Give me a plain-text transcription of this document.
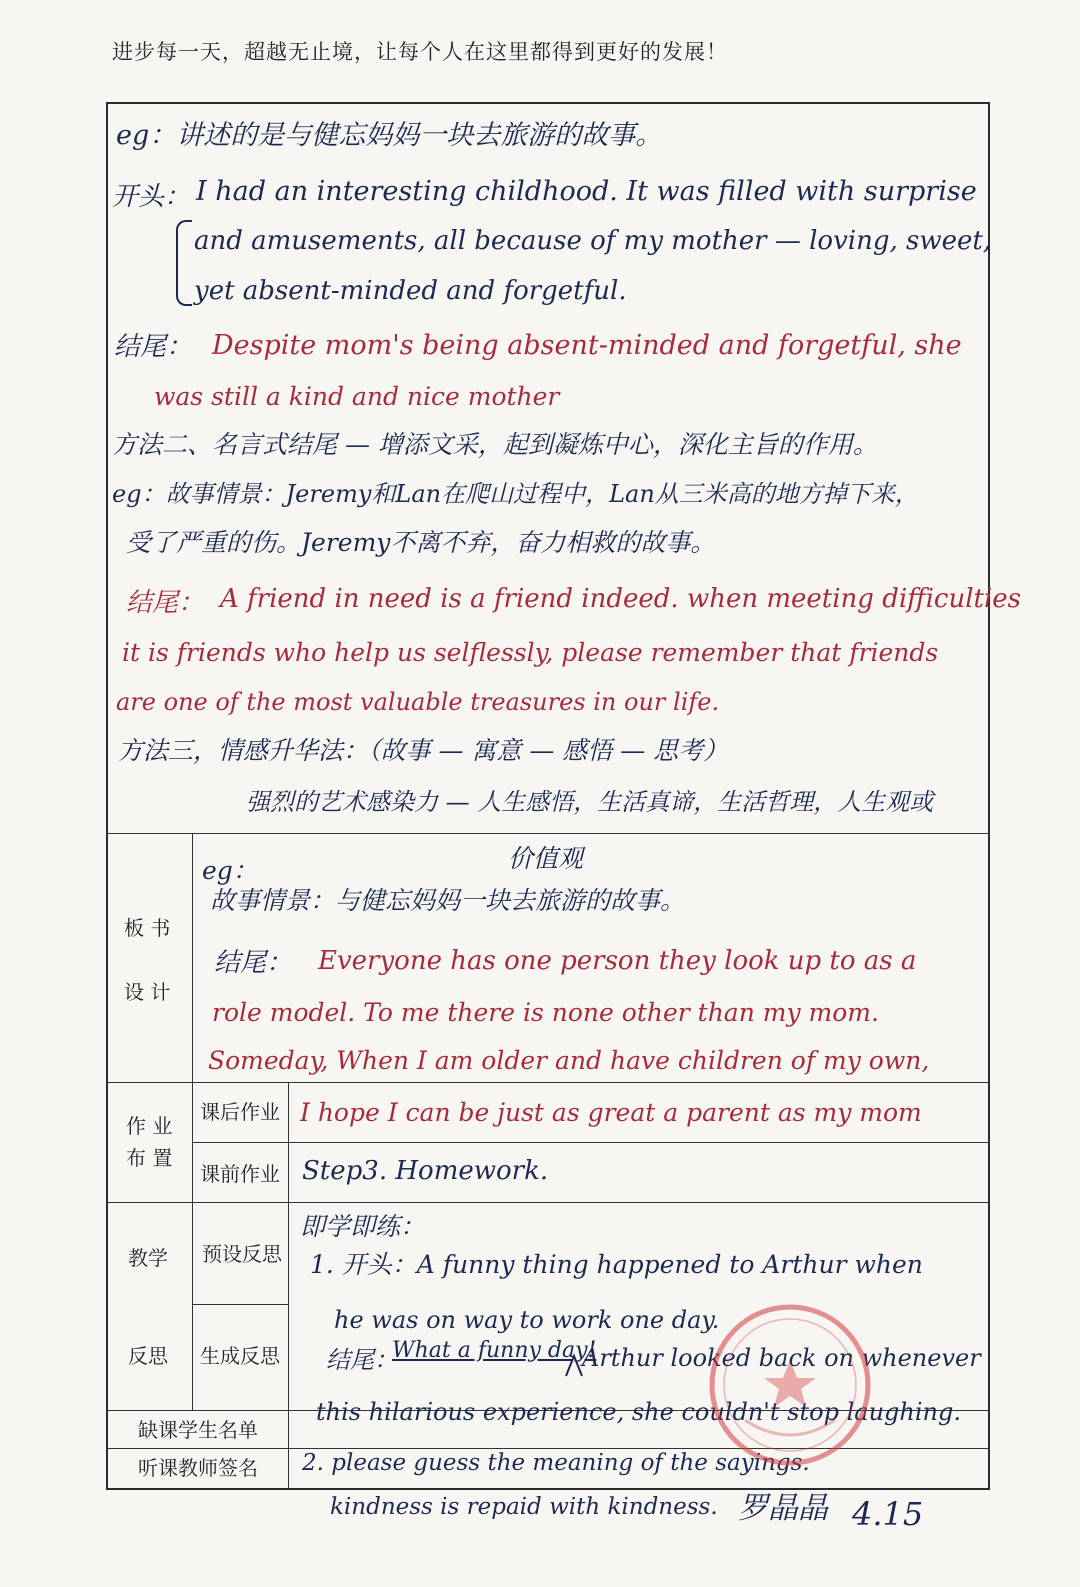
进步每一天，超越无止境，让每个人在这里都得到更好的发展！
eg：讲述的是与健忘妈妈一块去旅游的故事。
开头： I had an interesting childhood. It was filled with surprise
and amusements, all because of my mother — loving, sweet,
yet absent-minded and forgetful.
结尾： Despite mom's being absent-minded and forgetful, she
was still a kind and nice mother
方法二、名言式结尾 — 增添文采，起到凝炼中心，深化主旨的作用。
eg：故事情景：Jeremy和Lan在爬山过程中，Lan从三米高的地方掉下来，
受了严重的伤。Jeremy不离不弃，奋力相救的故事。
结尾： A friend in need is a friend indeed. when meeting difficulties
it is friends who help us selflessly, please remember that friends
are one of the most valuable treasures in our life.
方法三，情感升华法：（故事 — 寓意 — 感悟 — 思考）
强烈的艺术感染力 — 人生感悟，生活真谛，生活哲理，人生观或
价值观
板 书
设 计
eg：
故事情景：与健忘妈妈一块去旅游的故事。
结尾： Everyone has one person they look up to as a
role model. To me there is none other than my mom.
Someday, When I am older and have children of my own,
作 业
布 置
课后作业 I hope I can be just as great a parent as my mom
课前作业 Step3. Homework.
教学
反思
预设反思
生成反思
即学即练：
1. 开头：A funny thing happened to Arthur when
he was on way to work one day.
结尾：
What a funny day!
Arthur looked back on whenever
this hilarious experience, she couldn't stop laughing.
缺课学生名单
听课教师签名 2. please guess the meaning of the sayings.
kindness is repaid with kindness. 罗晶晶 4.15
